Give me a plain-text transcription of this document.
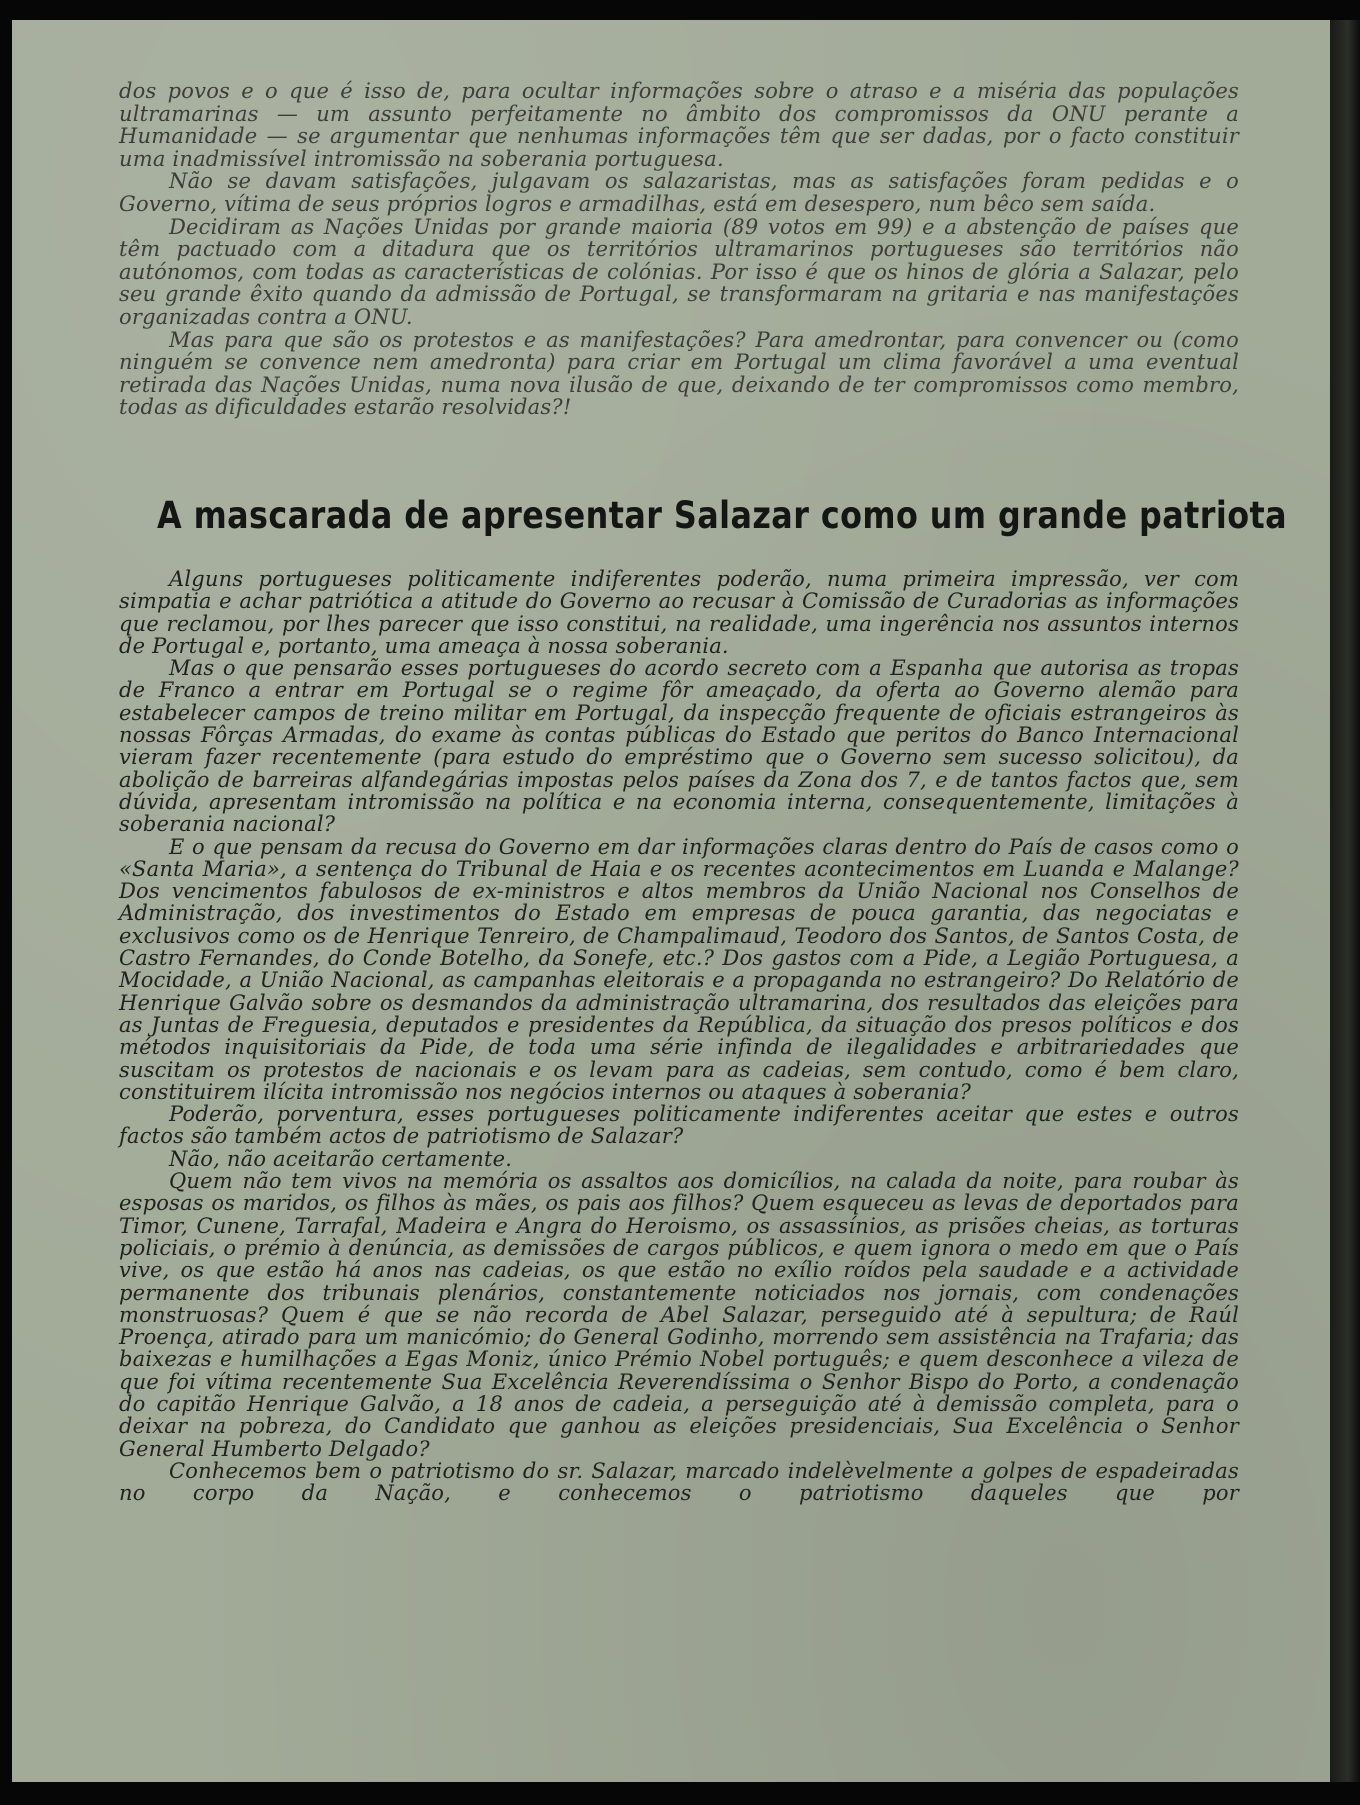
dos povos e o que é isso de, para ocultar informações sobre o atraso e a miséria das populações ultramarinas — um assunto perfeitamente no âmbito dos compromissos da ONU perante a Humanidade — se argumentar que nenhumas informações têm que ser dadas, por o facto constituir uma inadmissível intromissão na soberania portuguesa.

Não se davam satisfações, julgavam os salazaristas, mas as satisfações foram pedidas e o Governo, vítima de seus próprios logros e armadilhas, está em desespero, num bêco sem saída.

Decidiram as Nações Unidas por grande maioria (89 votos em 99) e a abstenção de países que têm pactuado com a ditadura que os territórios ultramarinos portugueses são territórios não autónomos, com todas as características de colónias. Por isso é que os hinos de glória a Salazar, pelo seu grande êxito quando da admissão de Portugal, se transformaram na gritaria e nas manifestações organizadas contra a ONU.

Mas para que são os protestos e as manifestações? Para amedrontar, para convencer ou (como ninguém se convence nem amedronta) para criar em Portugal um clima favorável a uma eventual retirada das Nações Unidas, numa nova ilusão de que, deixando de ter compromissos como membro, todas as dificuldades estarão resolvidas?!

A mascarada de apresentar Salazar como um grande patriota

Alguns portugueses politicamente indiferentes poderão, numa primeira impressão, ver com simpatia e achar patriótica a atitude do Governo ao recusar à Comissão de Curadorias as informações que reclamou, por lhes parecer que isso constitui, na realidade, uma ingerência nos assuntos internos de Portugal e, portanto, uma ameaça à nossa soberania.

Mas o que pensarão esses portugueses do acordo secreto com a Espanha que autorisa as tropas de Franco a entrar em Portugal se o regime fôr ameaçado, da oferta ao Governo alemão para estabelecer campos de treino militar em Portugal, da inspecção frequente de oficiais estrangeiros às nossas Fôrças Armadas, do exame às contas públicas do Estado que peritos do Banco Internacional vieram fazer recentemente (para estudo do empréstimo que o Governo sem sucesso solicitou), da abolição de barreiras alfandegárias impostas pelos países da Zona dos 7, e de tantos factos que, sem dúvida, apresentam intromissão na política e na economia interna, consequentemente, limitações à soberania nacional?

E o que pensam da recusa do Governo em dar informações claras dentro do País de casos como o «Santa Maria», a sentença do Tribunal de Haia e os recentes acontecimentos em Luanda e Malange? Dos vencimentos fabulosos de ex-ministros e altos membros da União Nacional nos Conselhos de Administração, dos investimentos do Estado em empresas de pouca garantia, das negociatas e exclusivos como os de Henrique Tenreiro, de Champalimaud, Teodoro dos Santos, de Santos Costa, de Castro Fernandes, do Conde Botelho, da Sonefe, etc.? Dos gastos com a Pide, a Legião Portuguesa, a Mocidade, a União Nacional, as campanhas eleitorais e a propaganda no estrangeiro? Do Relatório de Henrique Galvão sobre os desmandos da administração ultramarina, dos resultados das eleições para as Juntas de Freguesia, deputados e presidentes da República, da situação dos presos políticos e dos métodos inquisitoriais da Pide, de toda uma série infinda de ilegalidades e arbitrariedades que suscitam os protestos de nacionais e os levam para as cadeias, sem contudo, como é bem claro, constituirem ilícita intromissão nos negócios internos ou ataques à soberania?

Poderão, porventura, esses portugueses politicamente indiferentes aceitar que estes e outros factos são também actos de patriotismo de Salazar?

Não, não aceitarão certamente.

Quem não tem vivos na memória os assaltos aos domicílios, na calada da noite, para roubar às esposas os maridos, os filhos às mães, os pais aos filhos? Quem esqueceu as levas de deportados para Timor, Cunene, Tarrafal, Madeira e Angra do Heroismo, os assassínios, as prisões cheias, as torturas policiais, o prémio à denúncia, as demissões de cargos públicos, e quem ignora o medo em que o País vive, os que estão há anos nas cadeias, os que estão no exílio roídos pela saudade e a actividade permanente dos tribunais plenários, constantemente noticiados nos jornais, com condenações monstruosas? Quem é que se não recorda de Abel Salazar, perseguido até à sepultura; de Raúl Proença, atirado para um manicómio; do General Godinho, morrendo sem assistência na Trafaria; das baixezas e humilhações a Egas Moniz, único Prémio Nobel português; e quem desconhece a vileza de que foi vítima recentemente Sua Excelência Reverendíssima o Senhor Bispo do Porto, a condenação do capitão Henrique Galvão, a 18 anos de cadeia, a perseguição até à demissão completa, para o deixar na pobreza, do Candidato que ganhou as eleições presidenciais, Sua Excelência o Senhor General Humberto Delgado?

Conhecemos bem o patriotismo do sr. Salazar, marcado indelèvelmente a golpes de espadeiradas no corpo da Nação, e conhecemos o patriotismo daqueles que por
